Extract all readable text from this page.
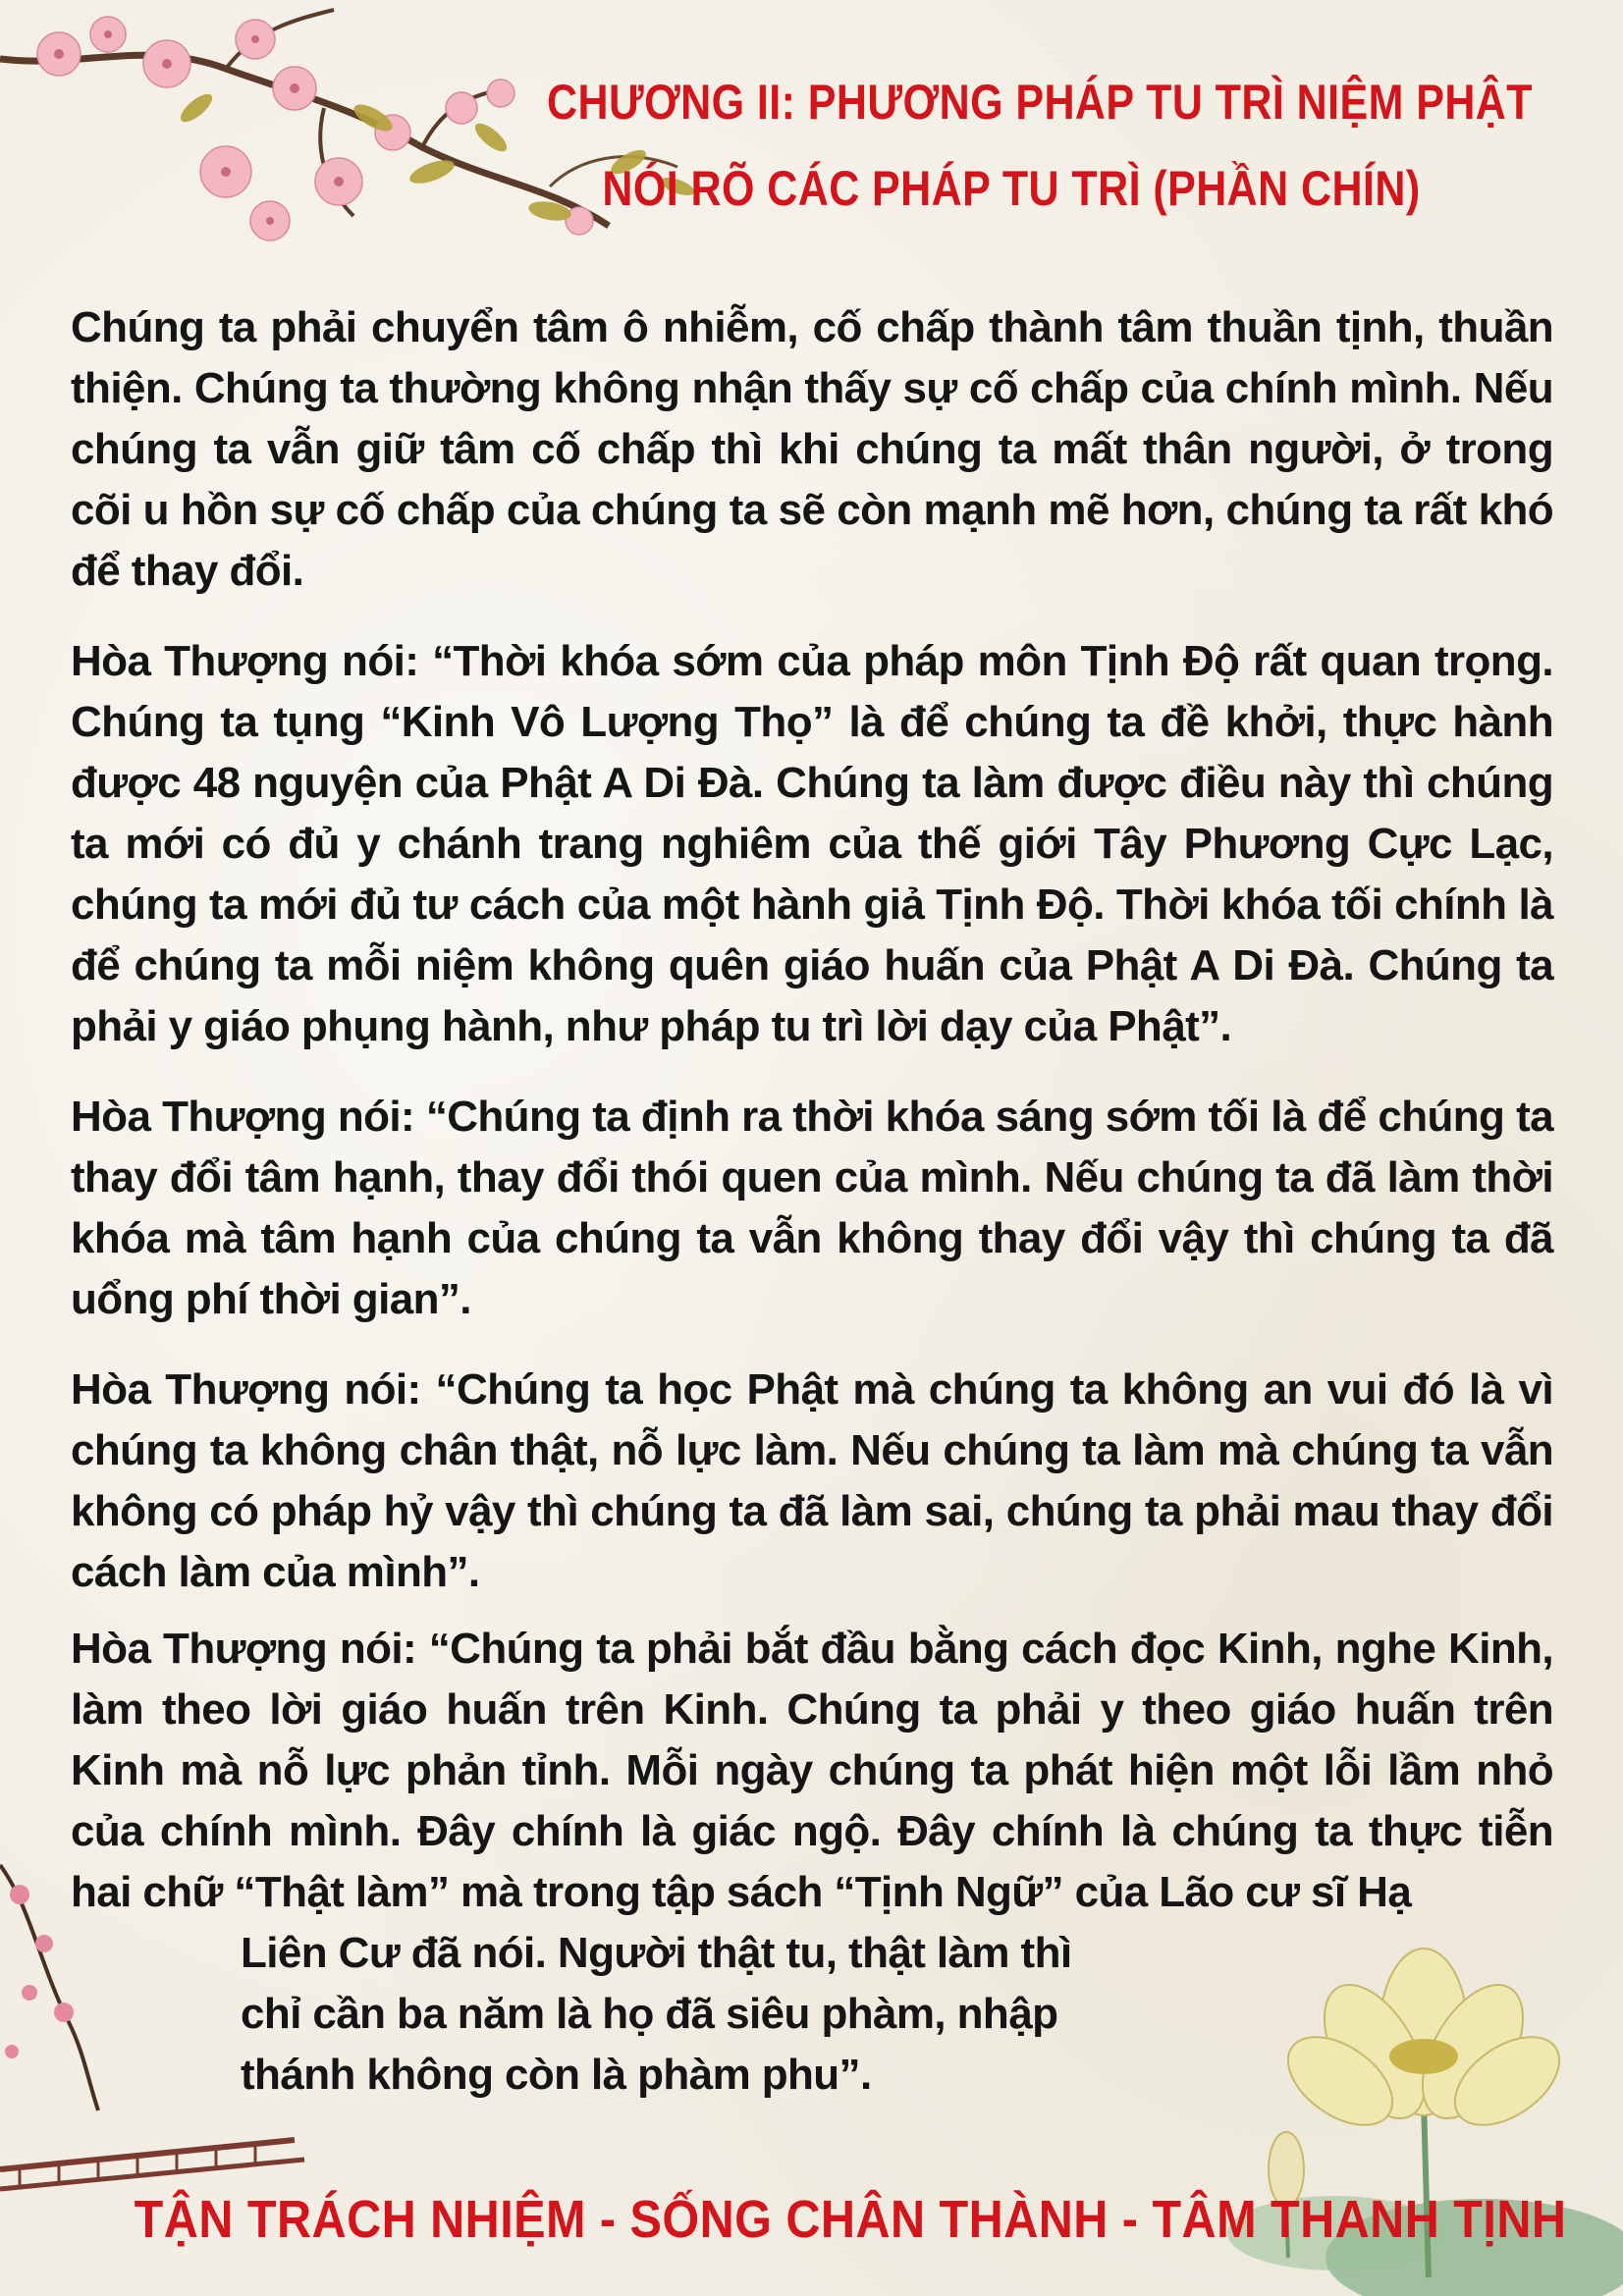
CHƯƠNG II: PHƯƠNG PHÁP TU TRÌ NIỆM PHẬT
NÓI RÕ CÁC PHÁP TU TRÌ (PHẦN CHÍN)

Chúng ta phải chuyển tâm ô nhiễm, cố chấp thành tâm thuần tịnh, thuần thiện. Chúng ta thường không nhận thấy sự cố chấp của chính mình. Nếu chúng ta vẫn giữ tâm cố chấp thì khi chúng ta mất thân người, ở trong cõi u hồn sự cố chấp của chúng ta sẽ còn mạnh mẽ hơn, chúng ta rất khó để thay đổi.

Hòa Thượng nói: “Thời khóa sớm của pháp môn Tịnh Độ rất quan trọng. Chúng ta tụng “Kinh Vô Lượng Thọ” là để chúng ta đề khởi, thực hành được 48 nguyện của Phật A Di Đà. Chúng ta làm được điều này thì chúng ta mới có đủ y chánh trang nghiêm của thế giới Tây Phương Cực Lạc, chúng ta mới đủ tư cách của một hành giả Tịnh Độ. Thời khóa tối chính là để chúng ta mỗi niệm không quên giáo huấn của Phật A Di Đà. Chúng ta phải y giáo phụng hành, như pháp tu trì lời dạy của Phật”.

Hòa Thượng nói: “Chúng ta định ra thời khóa sáng sớm tối là để chúng ta thay đổi tâm hạnh, thay đổi thói quen của mình. Nếu chúng ta đã làm thời khóa mà tâm hạnh của chúng ta vẫn không thay đổi vậy thì chúng ta đã uổng phí thời gian”.

Hòa Thượng nói: “Chúng ta học Phật mà chúng ta không an vui đó là vì chúng ta không chân thật, nỗ lực làm. Nếu chúng ta làm mà chúng ta vẫn không có pháp hỷ vậy thì chúng ta đã làm sai, chúng ta phải mau thay đổi cách làm của mình”.

Hòa Thượng nói: “Chúng ta phải bắt đầu bằng cách đọc Kinh, nghe Kinh, làm theo lời giáo huấn trên Kinh. Chúng ta phải y theo giáo huấn trên Kinh mà nỗ lực phản tỉnh. Mỗi ngày chúng ta phát hiện một lỗi lầm nhỏ của chính mình. Đây chính là giác ngộ. Đây chính là chúng ta thực tiễn hai chữ “Thật làm” mà trong tập sách “Tịnh Ngữ” của Lão cư sĩ Hạ

Liên Cư đã nói. Người thật tu, thật làm thì
chỉ cần ba năm là họ đã siêu phàm, nhập
thánh không còn là phàm phu”.
TẬN TRÁCH NHIỆM - SỐNG CHÂN THÀNH - TÂM THANH TỊNH
